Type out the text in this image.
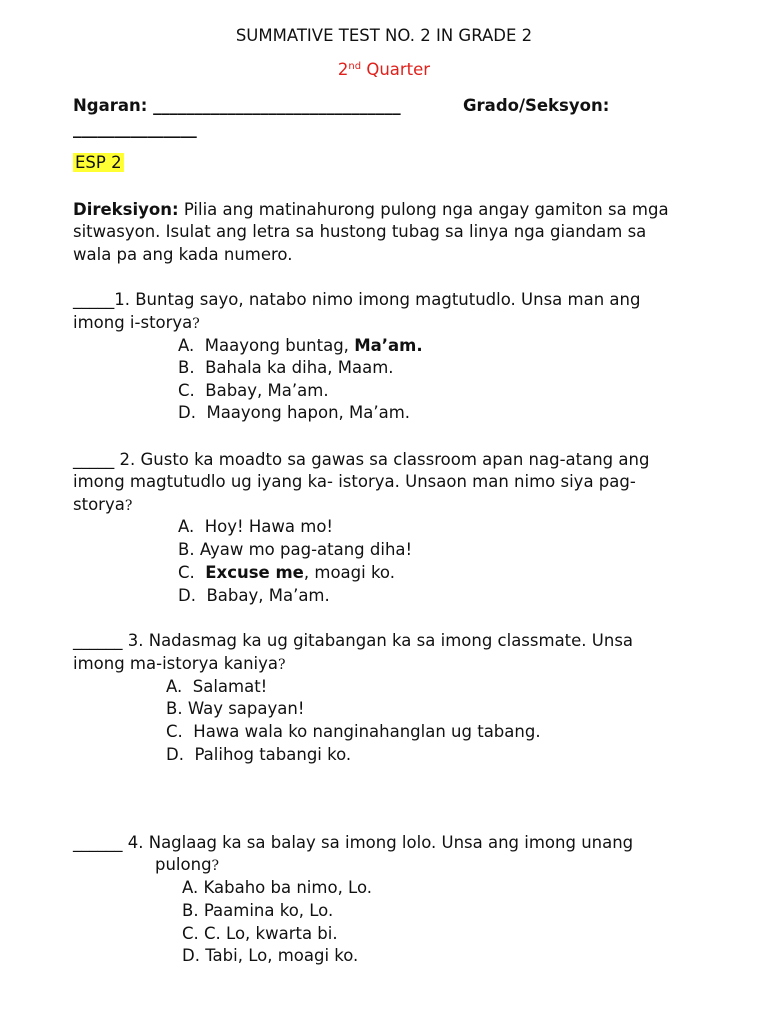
SUMMATIVE TEST NO. 2 IN GRADE 2
2nd Quarter
Ngaran: ______________________________	Grado/Seksyon:
_______________
ESP 2
Direksiyon: Pilia ang matinahurong pulong nga angay gamiton sa mga
sitwasyon. Isulat ang letra sa hustong tubag sa linya nga giandam sa
wala pa ang kada numero.
_____1. Buntag sayo, natabo nimo imong magtutudlo. Unsa man ang
imong i-storya?
A. Maayong buntag, Ma’am.
B. Bahala ka diha, Maam.
C. Babay, Ma’am.
D. Maayong hapon, Ma’am.
_____ 2. Gusto ka moadto sa gawas sa classroom apan nag-atang ang
imong magtutudlo ug iyang ka- istorya. Unsaon man nimo siya pag-
storya?
A. Hoy! Hawa mo!
B. Ayaw mo pag-atang diha!
C. Excuse me, moagi ko.
D. Babay, Ma’am.
______ 3. Nadasmag ka ug gitabangan ka sa imong classmate. Unsa
imong ma-istorya kaniya?
A. Salamat!
B. Way sapayan!
C. Hawa wala ko nanginahanglan ug tabang.
D. Palihog tabangi ko.
______ 4. Naglaag ka sa balay sa imong lolo. Unsa ang imong unang
pulong?
A. Kabaho ba nimo, Lo.
B. Paamina ko, Lo.
C. C. Lo, kwarta bi.
D. Tabi, Lo, moagi ko.
